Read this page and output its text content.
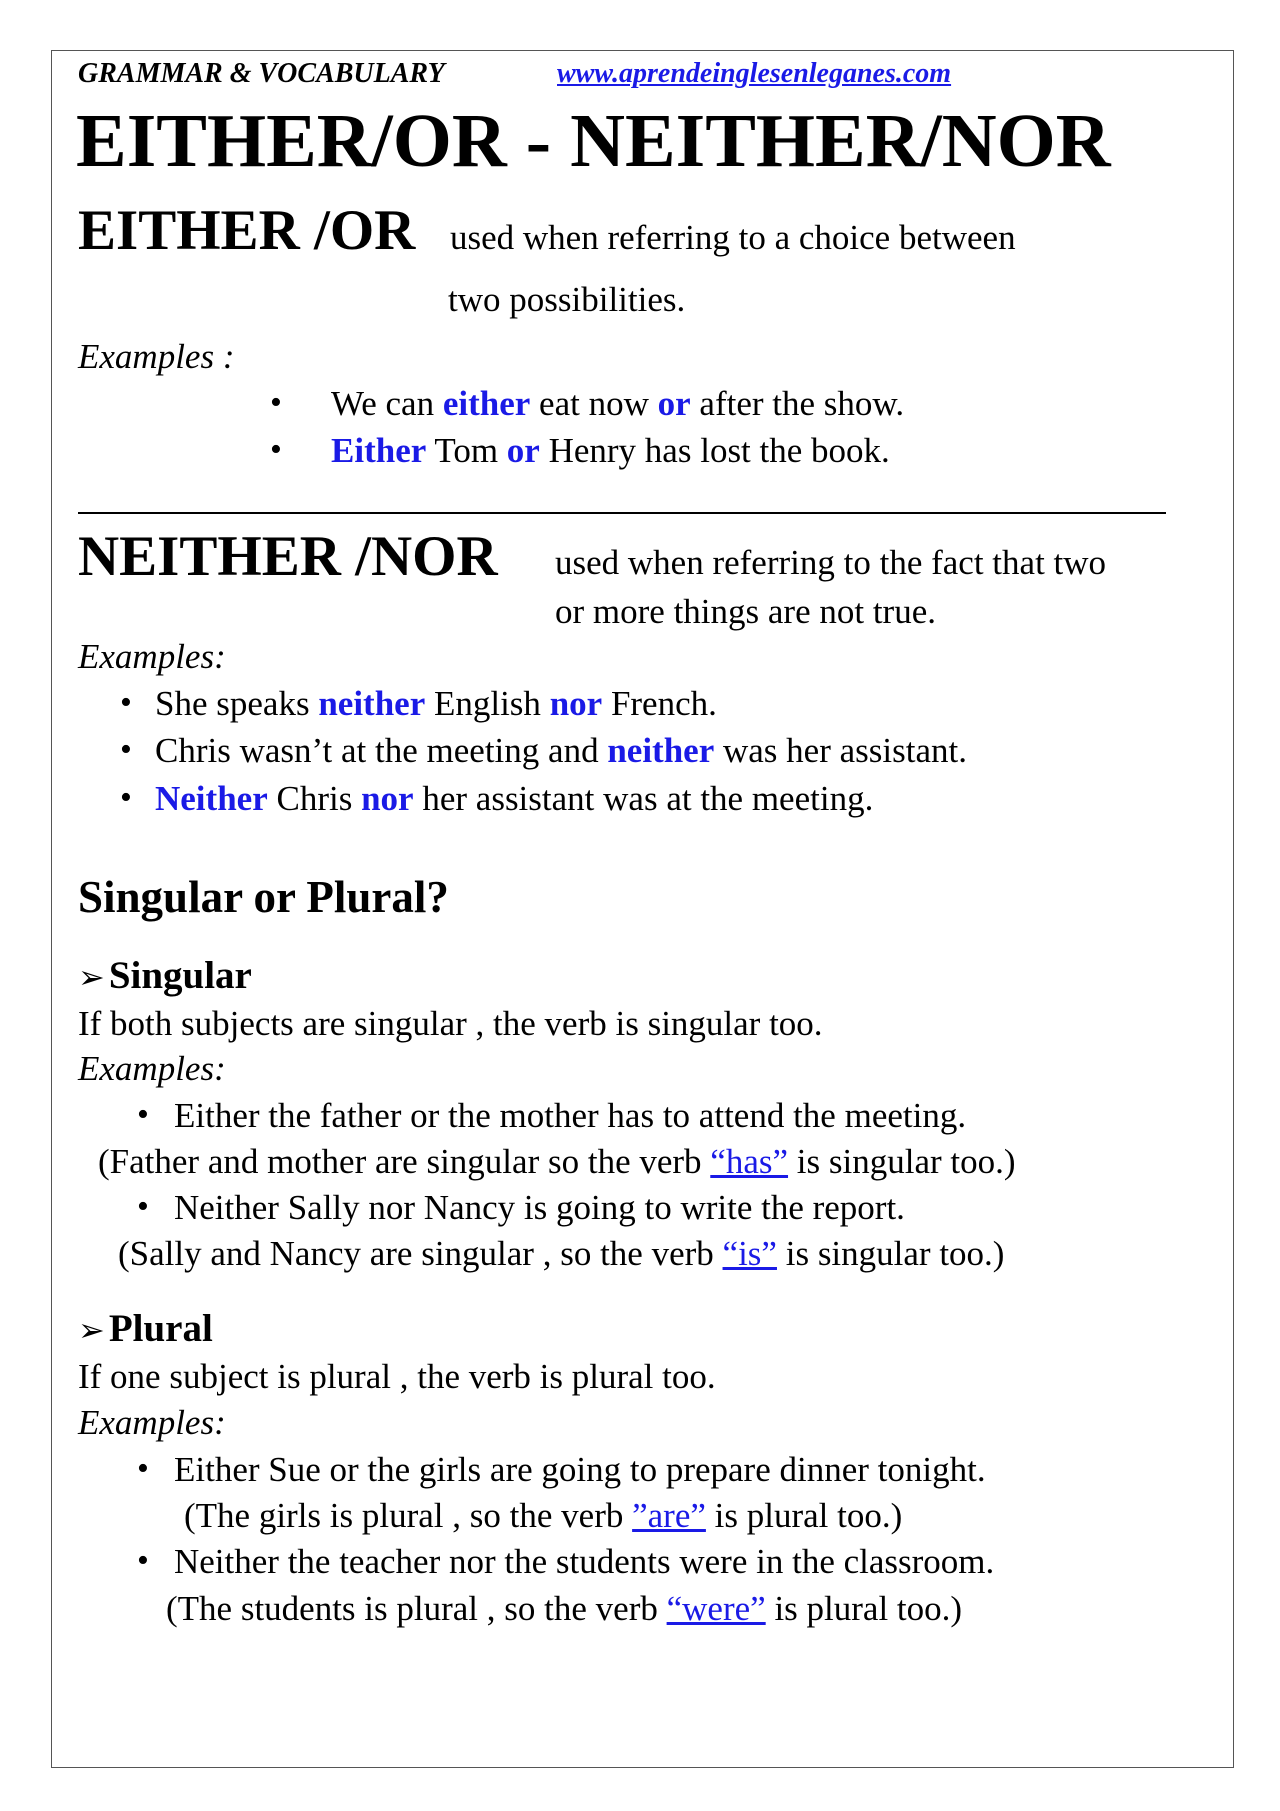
GRAMMAR & VOCABULARY	www.aprendeinglesenleganes.com
EITHER/OR - NEITHER/NOR
EITHER /OR used when referring to a choice between
two possibilities.
Examples :
• We can either eat now or after the show.
• Either Tom or Henry has lost the book.
NEITHER /NOR used when referring to the fact that two
or more things are not true.
Examples:
• She speaks neither English nor French.
• Chris wasn’t at the meeting and neither was her assistant.
• Neither Chris nor her assistant was at the meeting.
Singular or Plural?
➢ Singular
If both subjects are singular , the verb is singular too.
Examples:
• Either the father or the mother has to attend the meeting.
(Father and mother are singular so the verb “has” is singular too.)
• Neither Sally nor Nancy is going to write the report.
(Sally and Nancy are singular , so the verb “is” is singular too.)
➢ Plural
If one subject is plural , the verb is plural too.
Examples:
• Either Sue or the girls are going to prepare dinner tonight.
(The girls is plural , so the verb ”are” is plural too.)
• Neither the teacher nor the students were in the classroom.
(The students is plural , so the verb “were” is plural too.)
